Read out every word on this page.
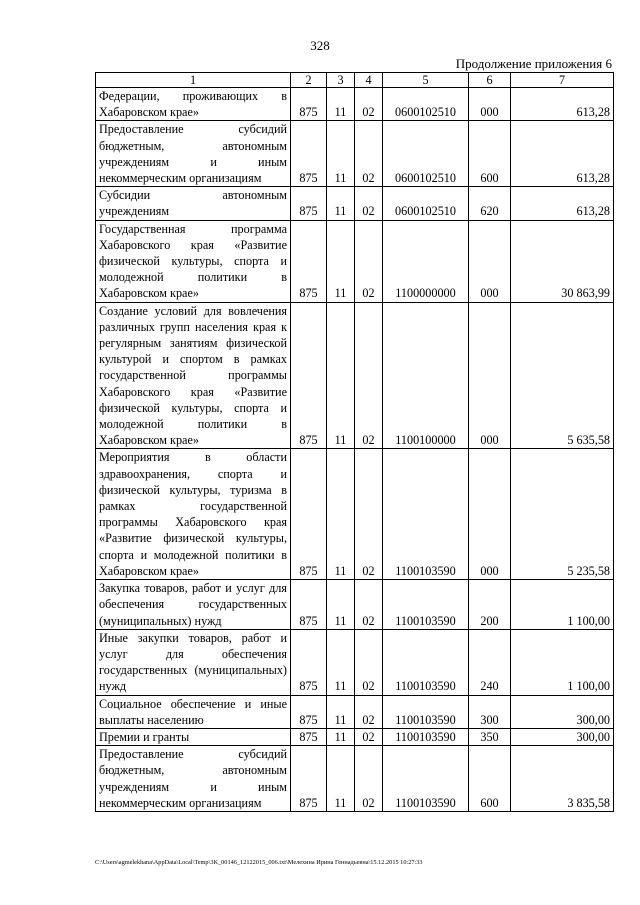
328
Продолжение приложения 6
1	2	3	4	5	6	7
Федерации, проживающих в Хабаровском крае»	875	11	02	0600102510	000	613,28
Предоставление субсидий бюджетным, автономным учреждениям и иным некоммерческим организациям	875	11	02	0600102510	600	613,28
Субсидии автономным учреждениям	875	11	02	0600102510	620	613,28
Государственная программа Хабаровского края «Развитие физической культуры, спорта и молодежной политики в Хабаровском крае»	875	11	02	1100000000	000	30 863,99
Создание условий для вовлечения различных групп населения края к регулярным занятиям физической культурой и спортом в рамках государственной программы Хабаровского края «Развитие физической культуры, спорта и молодежной политики в Хабаровском крае»	875	11	02	1100100000	000	5 635,58
Мероприятия в области здравоохранения, спорта и физической культуры, туризма в рамках государственной программы Хабаровского края «Развитие физической культуры, спорта и молодежной политики в Хабаровском крае»	875	11	02	1100103590	000	5 235,58
Закупка товаров, работ и услуг для обеспечения государственных (муниципальных) нужд	875	11	02	1100103590	200	1 100,00
Иные закупки товаров, работ и услуг для обеспечения государственных (муниципальных) нужд	875	11	02	1100103590	240	1 100,00
Социальное обеспечение и иные выплаты населению	875	11	02	1100103590	300	300,00
Премии и гранты	875	11	02	1100103590	350	300,00
Предоставление субсидий бюджетным, автономным учреждениям и иным некоммерческим организациям	875	11	02	1100103590	600	3 835,58
C:\Users\agmelekhana\AppData\Local\Temp\3K_00146_12122015_006.txt\Мелехина Ирина Геннадьевна\15.12.2015 10:27:33
